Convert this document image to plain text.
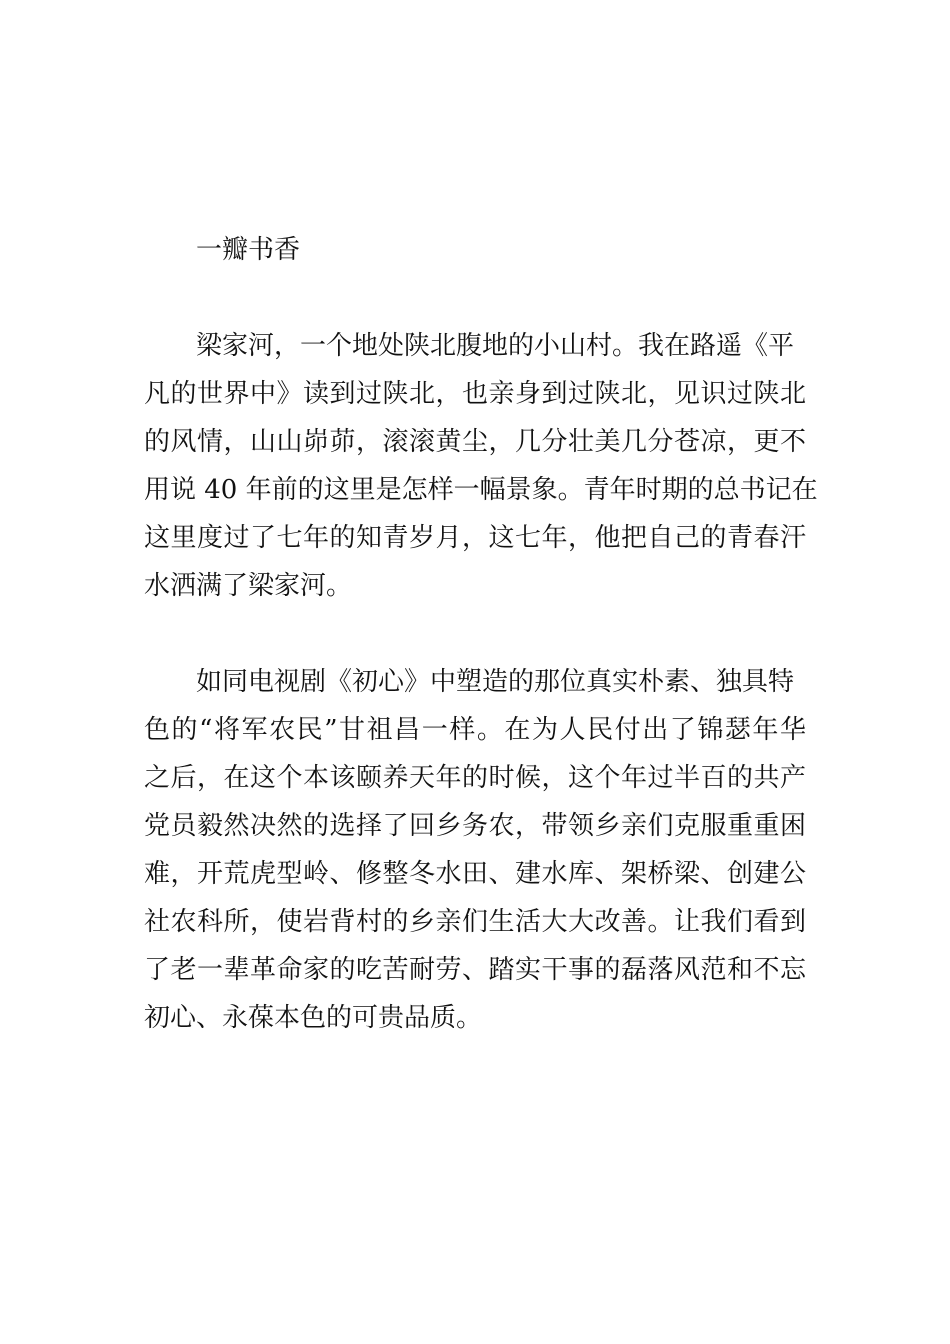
一瓣书香
梁家河，一个地处陕北腹地的小山村。我在路遥《平
凡的世界中》读到过陕北，也亲身到过陕北，见识过陕北
的风情，山山峁茆，滚滚黄尘，几分壮美几分苍凉，更不
用说 40 年前的这里是怎样一幅景象。青年时期的总书记在
这里度过了七年的知青岁月，这七年，他把自己的青春汗
水洒满了梁家河。
如同电视剧《初心》中塑造的那位真实朴素、独具特
色的“将军农民”甘祖昌一样。在为人民付出了锦瑟年华
之后，在这个本该颐养天年的时候，这个年过半百的共产
党员毅然决然的选择了回乡务农，带领乡亲们克服重重困
难，开荒虎型岭、修整冬水田、建水库、架桥梁、创建公
社农科所，使岩背村的乡亲们生活大大改善。让我们看到
了老一辈革命家的吃苦耐劳、踏实干事的磊落风范和不忘
初心、永葆本色的可贵品质。
